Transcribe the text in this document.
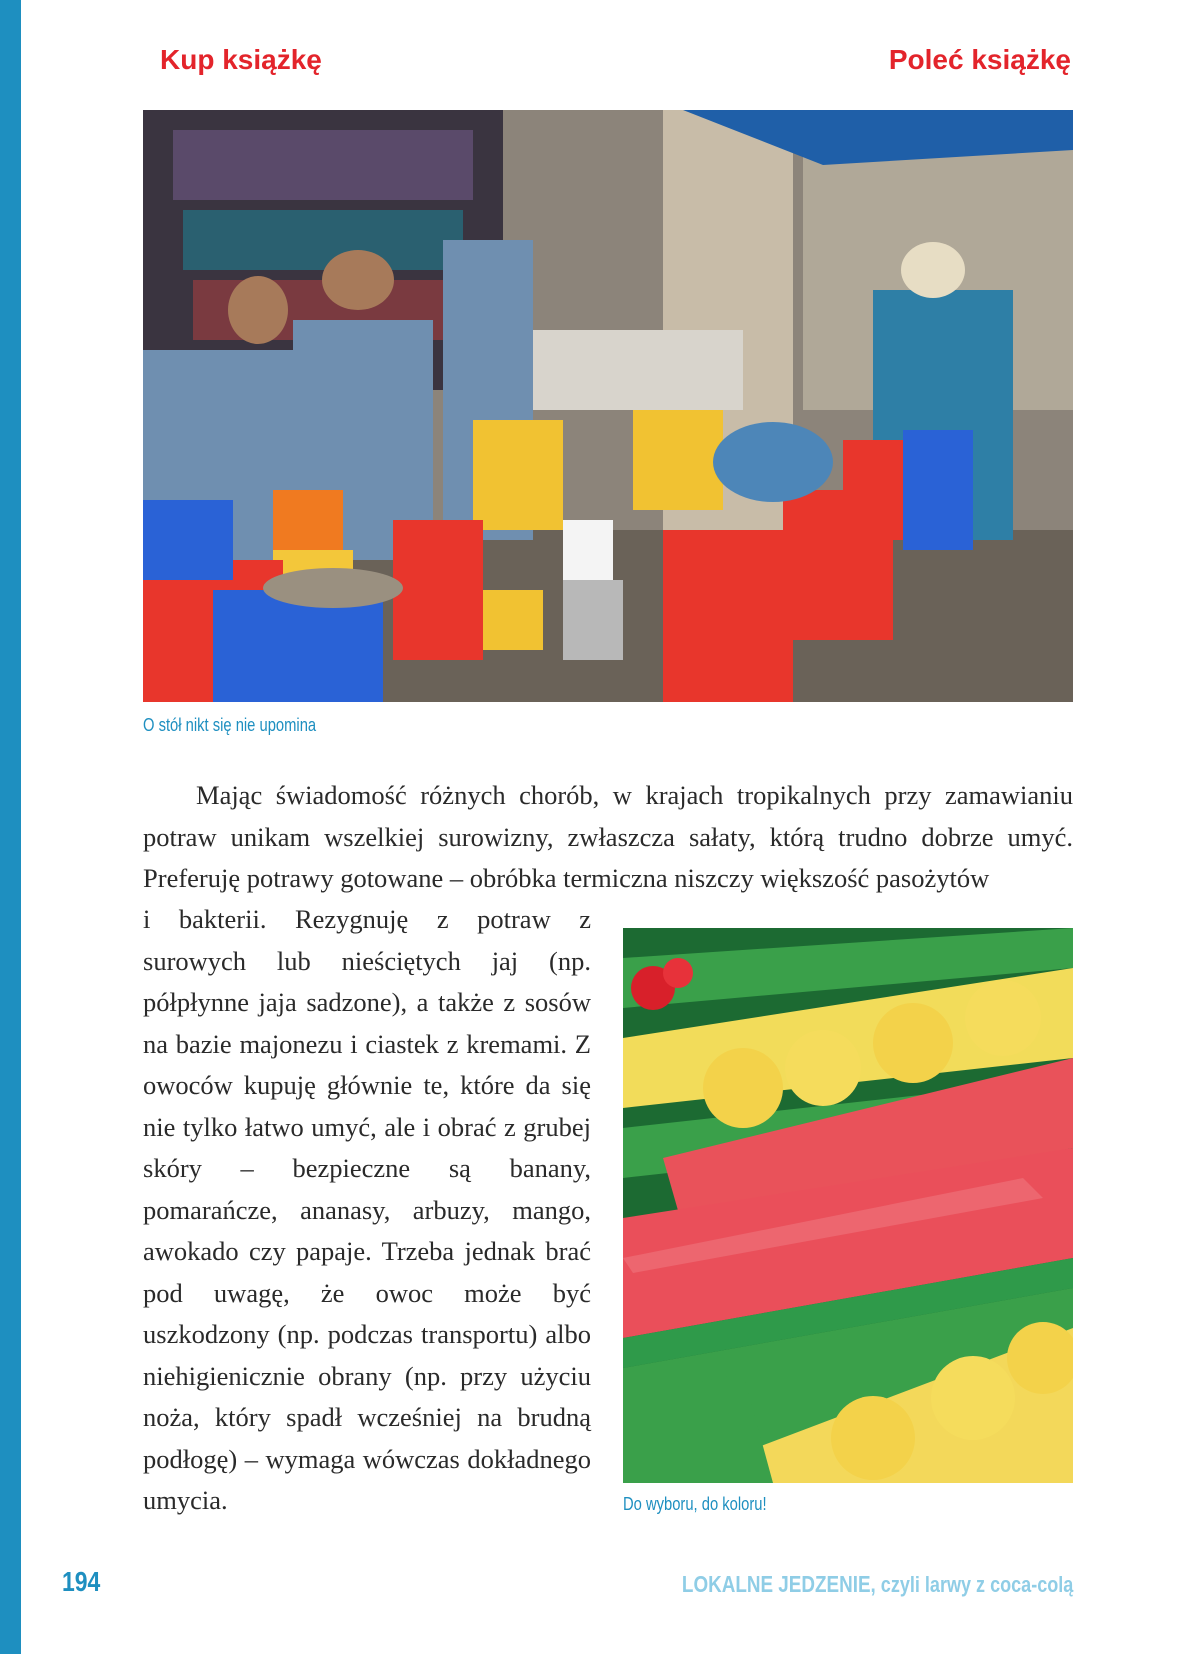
Kup książkę	Poleć książkę
O stół nikt się nie upomina

Mając świadomość różnych chorób, w krajach tropikalnych przy zamawianiu potraw unikam wszelkiej surowizny, zwłaszcza sałaty, którą trudno dobrze umyć. Preferuję potrawy gotowane – obróbka termiczna niszczy większość pasożytów

i bakterii. Rezygnuję z potraw z surowych lub nieściętych jaj (np. półpłynne jaja sadzone), a także z sosów na bazie majonezu i ciastek z kremami. Z owoców kupuję głównie te, które da się nie tylko łatwo umyć, ale i obrać z grubej skóry – bezpieczne są banany, pomarańcze, ananasy, arbuzy, mango, awokado czy papaje. Trzeba jednak brać pod uwagę, że owoc może być uszkodzony (np. podczas transportu) albo niehigienicznie obrany (np. przy użyciu noża, który spadł wcześniej na brudną podłogę) – wymaga wówczas dokładnego umycia.	Do wyboru, do koloru!
194	LOKALNE JEDZENIE, czyli larwy z coca-colą
